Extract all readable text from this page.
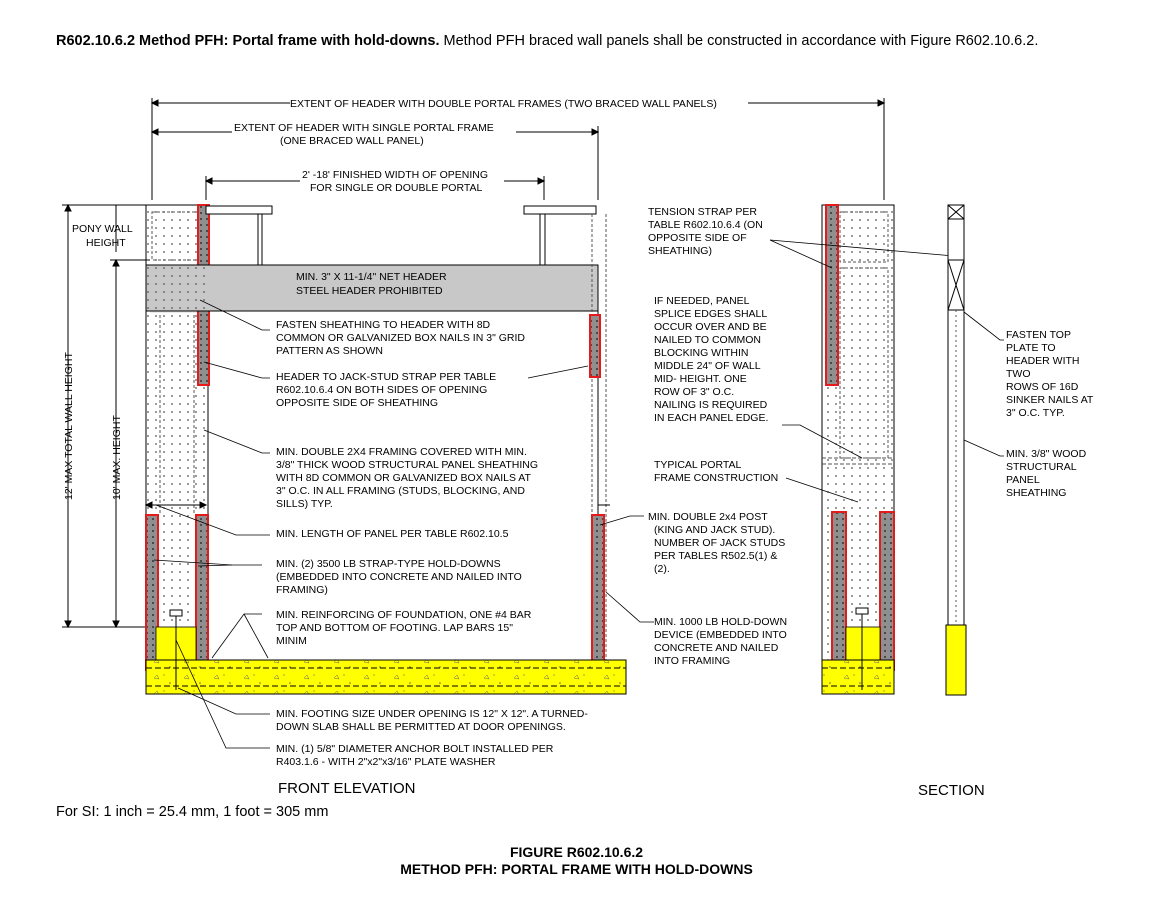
R602.10.6.2 Method PFH: Portal frame with hold-downs. Method PFH braced wall panels shall be constructed in accordance with Figure R602.10.6.2.
EXTENT OF HEADER WITH DOUBLE PORTAL FRAMES (TWO BRACED WALL PANELS)
EXTENT OF HEADER WITH SINGLE PORTAL FRAME
(ONE BRACED WALL PANEL)
2' -18' FINISHED WIDTH OF OPENING
FOR SINGLE OR DOUBLE PORTAL
PONY WALL
HEIGHT
12' MAX TOTAL WALL HEIGHT	10' MAX. HEIGHT
MIN. 3" X 11-1/4" NET HEADER
STEEL HEADER PROHIBITED
FASTEN SHEATHING TO HEADER WITH 8D
COMMON OR GALVANIZED BOX NAILS IN 3" GRID
PATTERN AS SHOWN
HEADER TO JACK-STUD STRAP PER TABLE
R602.10.6.4 ON BOTH SIDES OF OPENING
OPPOSITE SIDE OF SHEATHING
MIN. DOUBLE 2X4 FRAMING COVERED WITH MIN.
3/8" THICK WOOD STRUCTURAL PANEL SHEATHING
WITH 8D COMMON OR GALVANIZED BOX NAILS AT
3" O.C. IN ALL FRAMING (STUDS, BLOCKING, AND
SILLS) TYP.
MIN. LENGTH OF PANEL PER TABLE R602.10.5
MIN. (2) 3500 LB STRAP-TYPE HOLD-DOWNS
(EMBEDDED INTO CONCRETE AND NAILED INTO
FRAMING)
MIN. REINFORCING OF FOUNDATION, ONE #4 BAR
TOP AND BOTTOM OF FOOTING. LAP BARS 15"
MINIM
MIN. FOOTING SIZE UNDER OPENING IS 12" X 12". A TURNED-
DOWN SLAB SHALL BE PERMITTED AT DOOR OPENINGS.
MIN. (1) 5/8" DIAMETER ANCHOR BOLT INSTALLED PER
R403.1.6 - WITH 2"x2"x3/16" PLATE WASHER
FRONT ELEVATION
MIN. DOUBLE 2x4 POST
(KING AND JACK STUD).
NUMBER OF JACK STUDS
PER TABLES R502.5(1) &
(2).
MIN. 1000 LB HOLD-DOWN
DEVICE (EMBEDDED INTO
CONCRETE AND NAILED
INTO FRAMING
TENSION STRAP PER
TABLE R602.10.6.4 (ON
OPPOSITE SIDE OF
SHEATHING)
IF NEEDED, PANEL
SPLICE EDGES SHALL
OCCUR OVER AND BE
NAILED TO COMMON
BLOCKING WITHIN
MIDDLE 24" OF WALL
MID- HEIGHT. ONE
ROW OF 3" O.C.
NAILING IS REQUIRED
IN EACH PANEL EDGE.
TYPICAL PORTAL
FRAME CONSTRUCTION
FASTEN TOP
PLATE TO
HEADER WITH
TWO
ROWS OF 16D
SINKER NAILS AT
3" O.C. TYP.
MIN. 3/8" WOOD
STRUCTURAL
PANEL
SHEATHING
SECTION
For SI: 1 inch = 25.4 mm, 1 foot = 305 mm
FIGURE R602.10.6.2
METHOD PFH: PORTAL FRAME WITH HOLD-DOWNS
